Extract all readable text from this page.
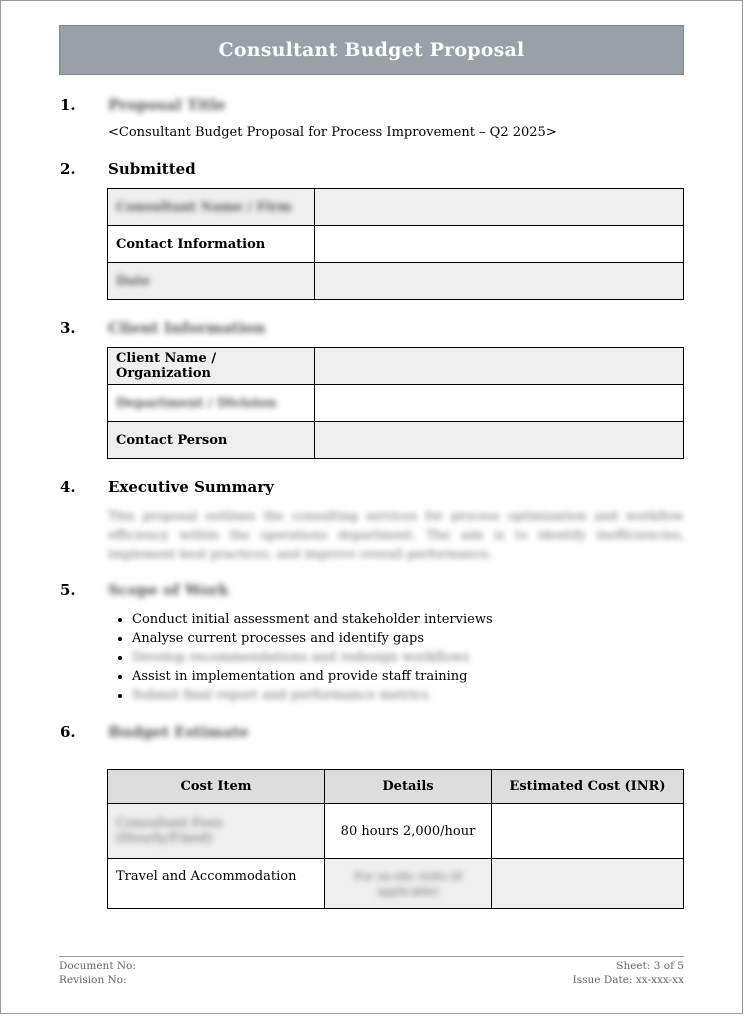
Consultant Budget Proposal
1. Proposal Title
<Consultant Budget Proposal for Process Improvement – Q2 2025>
2. Submitted
Consultant Name / Firm	
Contact Information	
Date	
3. Client Information
Client Name / Organization	
Department / Division	
Contact Person	
4. Executive Summary
This proposal outlines the consulting services for process optimization and workflow efficiency within the operations department. The aim is to identify inefficiencies, implement best practices, and improve overall performance.
5. Scope of Work
• Conduct initial assessment and stakeholder interviews
• Analyse current processes and identify gaps
• Develop recommendations and redesign workflows
• Assist in implementation and provide staff training
• Submit final report and performance metrics
6. Budget Estimate
Cost Item	Details	Estimated Cost (INR)
Consultant Fees (Hourly/Fixed)	80 hours 2,000/hour	
Travel and Accommodation	For on-site visits (if applicable)	
Document No:	Sheet: 3 of 5
Revision No:	Issue Date: xx-xxx-xx
